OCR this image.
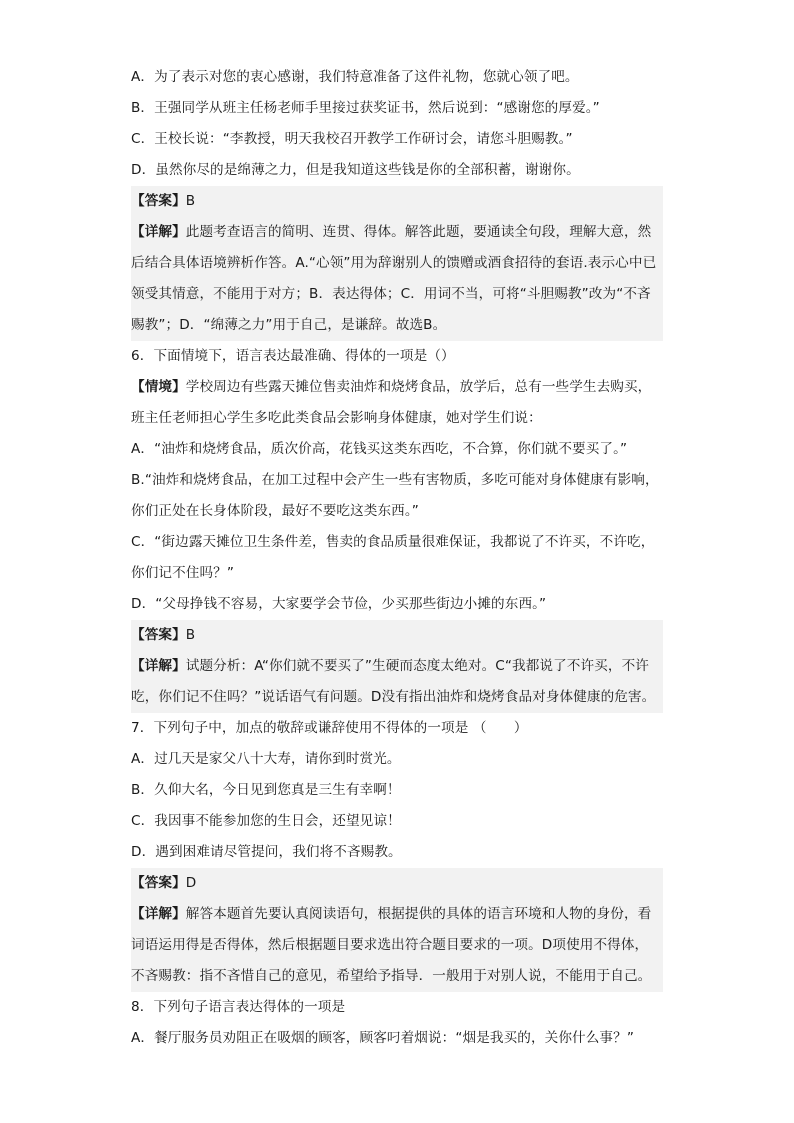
A．为了表示对您的衷心感谢，我们特意准备了这件礼物，您就心领了吧。
B．王强同学从班主任杨老师手里接过获奖证书，然后说到：“感谢您的厚爱。”
C．王校长说：“李教授，明天我校召开教学工作研讨会，请您斗胆赐教。”
D．虽然你尽的是绵薄之力，但是我知道这些钱是你的全部积蓄，谢谢你。
【答案】B
【详解】此题考查语言的简明、连贯、得体。解答此题，要通读全句段，理解大意，然
后结合具体语境辨析作答。A.“心领”用为辞谢别人的馈赠或酒食招待的套语.表示心中已
领受其情意，不能用于对方；B．表达得体；C．用词不当，可将“斗胆赐教”改为“不吝
赐教”；D．“绵薄之力”用于自己，是谦辞。故选B。
6．下面情境下，语言表达最准确、得体的一项是（）
【情境】学校周边有些露天摊位售卖油炸和烧烤食品，放学后，总有一些学生去购买，
班主任老师担心学生多吃此类食品会影响身体健康，她对学生们说：
A．“油炸和烧烤食品，质次价高，花钱买这类东西吃，不合算，你们就不要买了。”
B.“油炸和烧烤食品，在加工过程中会产生一些有害物质，多吃可能对身体健康有影响，
你们正处在长身体阶段，最好不要吃这类东西。”
C．“街边露天摊位卫生条件差，售卖的食品质量很难保证，我都说了不许买，不许吃，
你们记不住吗？”
D．“父母挣钱不容易，大家要学会节俭，少买那些街边小摊的东西。”
【答案】B
【详解】试题分析：A“你们就不要买了”生硬而态度太绝对。C“我都说了不许买，不许
吃，你们记不住吗？”说话语气有问题。D没有指出油炸和烧烤食品对身体健康的危害。
7．下列句子中，加点的敬辞或谦辞使用不得体的一项是 （　　）
A．过几天是家父八十大寿，请你到时赏光。
B．久仰大名，今日见到您真是三生有幸啊！
C．我因事不能参加您的生日会，还望见谅！
D．遇到困难请尽管提问，我们将不吝赐教。
【答案】D
【详解】解答本题首先要认真阅读语句，根据提供的具体的语言环境和人物的身份，看
词语运用得是否得体，然后根据题目要求选出符合题目要求的一项。D项使用不得体，
不吝赐教：指不吝惜自己的意见，希望给予指导．一般用于对别人说，不能用于自己。
8．下列句子语言表达得体的一项是
A．餐厅服务员劝阻正在吸烟的顾客，顾客叼着烟说：“烟是我买的，关你什么事？”
